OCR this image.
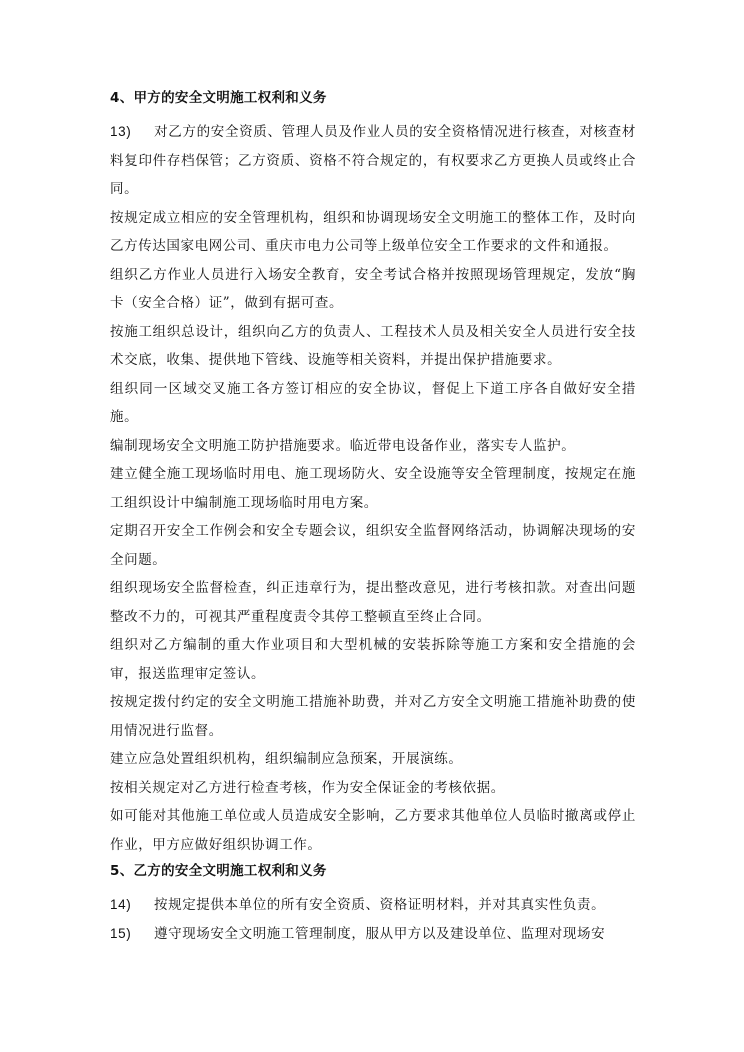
4、甲方的安全文明施工权利和义务

13) 对乙方的安全资质、管理人员及作业人员的安全资格情况进行核查，对核查材料复印件存档保管；乙方资质、资格不符合规定的，有权要求乙方更换人员或终止合同。

按规定成立相应的安全管理机构，组织和协调现场安全文明施工的整体工作，及时向乙方传达国家电网公司、重庆市电力公司等上级单位安全工作要求的文件和通报。

组织乙方作业人员进行入场安全教育，安全考试合格并按照现场管理规定，发放“胸卡（安全合格）证”，做到有据可查。

按施工组织总设计，组织向乙方的负责人、工程技术人员及相关安全人员进行安全技术交底，收集、提供地下管线、设施等相关资料，并提出保护措施要求。

组织同一区域交叉施工各方签订相应的安全协议，督促上下道工序各自做好安全措施。

编制现场安全文明施工防护措施要求。临近带电设备作业，落实专人监护。

建立健全施工现场临时用电、施工现场防火、安全设施等安全管理制度，按规定在施工组织设计中编制施工现场临时用电方案。

定期召开安全工作例会和安全专题会议，组织安全监督网络活动，协调解决现场的安全问题。

组织现场安全监督检查，纠正违章行为，提出整改意见，进行考核扣款。对查出问题整改不力的，可视其严重程度责令其停工整顿直至终止合同。

组织对乙方编制的重大作业项目和大型机械的安装拆除等施工方案和安全措施的会审，报送监理审定签认。

按规定拨付约定的安全文明施工措施补助费，并对乙方安全文明施工措施补助费的使用情况进行监督。

建立应急处置组织机构，组织编制应急预案，开展演练。

按相关规定对乙方进行检查考核，作为安全保证金的考核依据。

如可能对其他施工单位或人员造成安全影响，乙方要求其他单位人员临时撤离或停止作业，甲方应做好组织协调工作。

5、乙方的安全文明施工权利和义务

14) 按规定提供本单位的所有安全资质、资格证明材料，并对其真实性负责。

15) 遵守现场安全文明施工管理制度，服从甲方以及建设单位、监理对现场安
